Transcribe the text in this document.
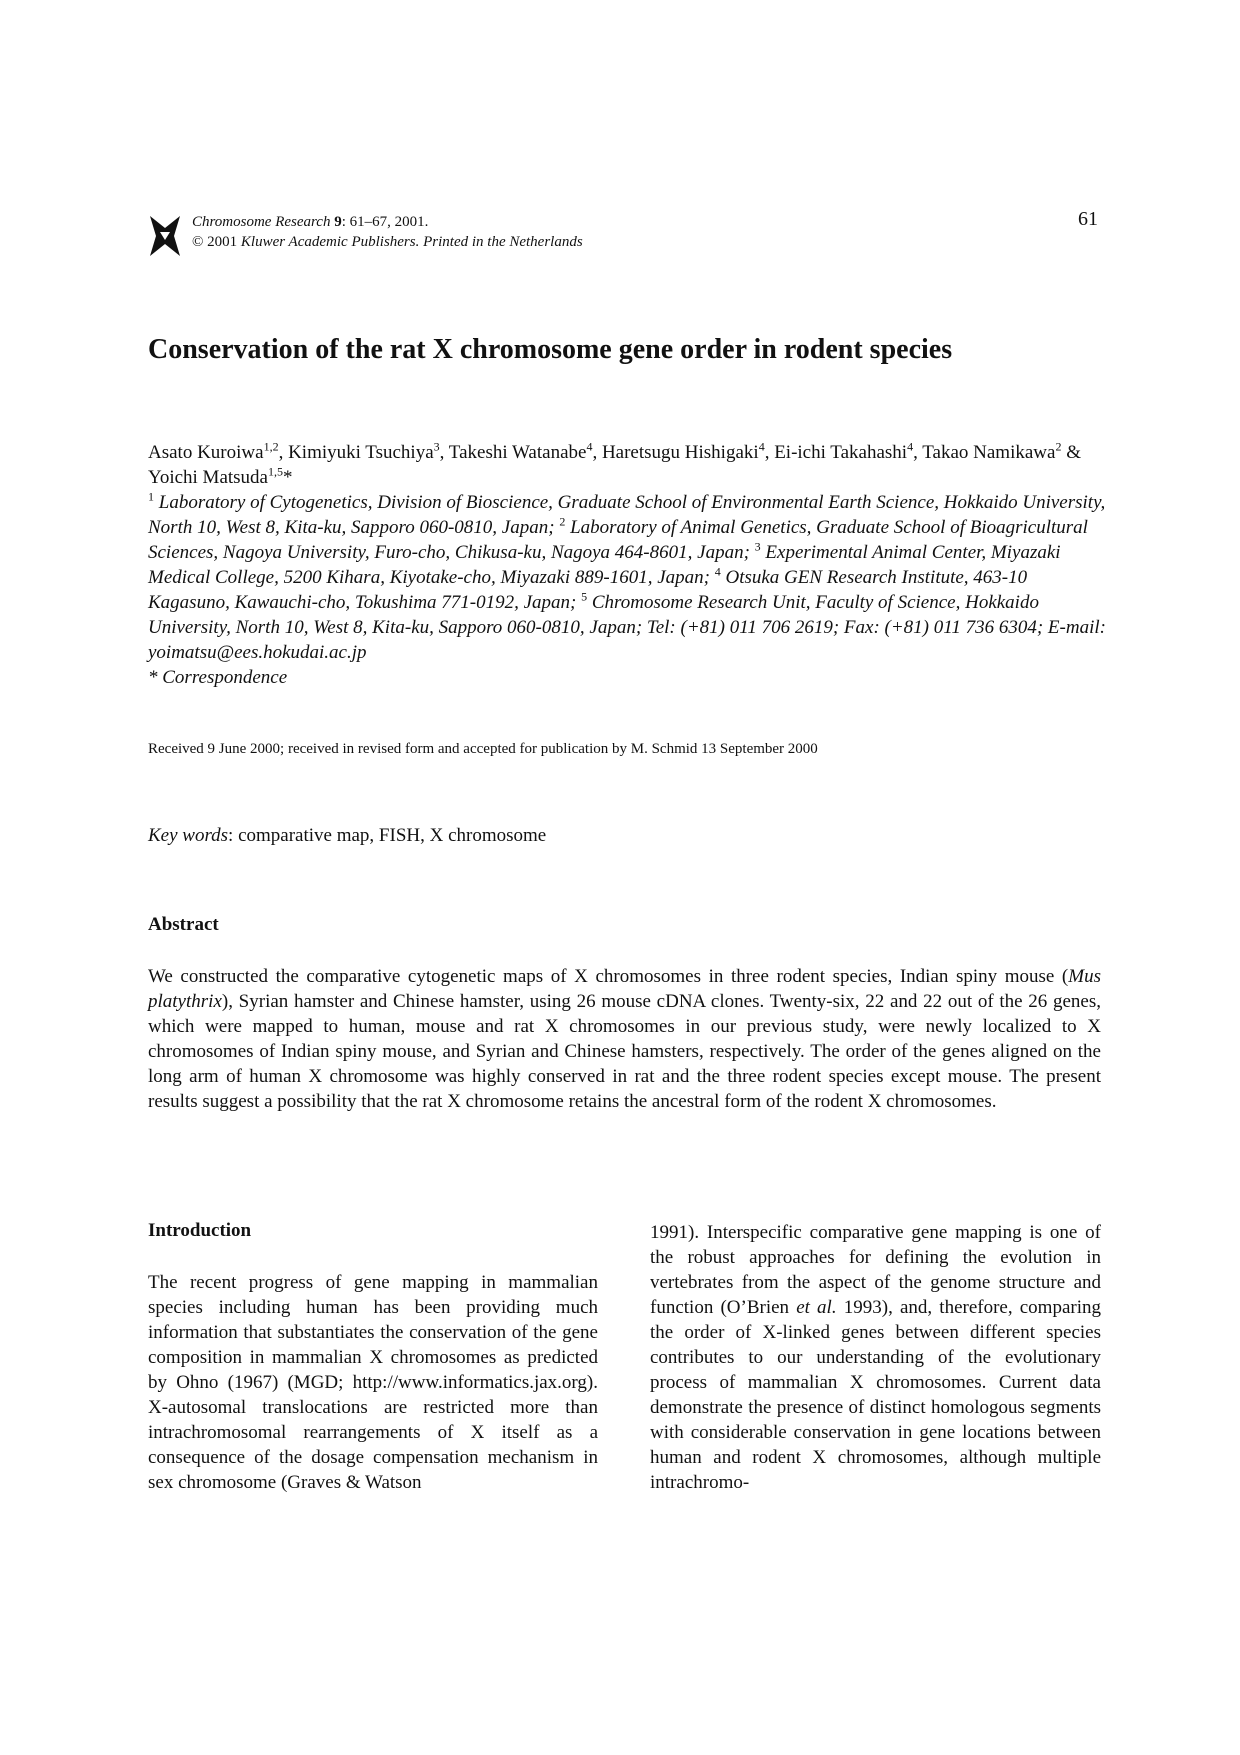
Chromosome Research 9: 61–67, 2001.
© 2001 Kluwer Academic Publishers. Printed in the Netherlands
61
Conservation of the rat X chromosome gene order in rodent species
Asato Kuroiwa$^{1,2}$, Kimiyuki Tsuchiya$^3$, Takeshi Watanabe$^4$, Haretsugu Hishigaki$^4$, Ei-ichi Takahashi$^4$, Takao Namikawa$^2$ & Yoichi Matsuda$^{1,5}$*
$^1$ Laboratory of Cytogenetics, Division of Bioscience, Graduate School of Environmental Earth Science, Hokkaido University, North 10, West 8, Kita-ku, Sapporo 060-0810, Japan; $^2$ Laboratory of Animal Genetics, Graduate School of Bioagricultural Sciences, Nagoya University, Furo-cho, Chikusa-ku, Nagoya 464-8601, Japan; $^3$ Experimental Animal Center, Miyazaki Medical College, 5200 Kihara, Kiyotake-cho, Miyazaki 889-1601, Japan; $^4$ Otsuka GEN Research Institute, 463-10 Kagasuno, Kawauchi-cho, Tokushima 771-0192, Japan; $^5$ Chromosome Research Unit, Faculty of Science, Hokkaido University, North 10, West 8, Kita-ku, Sapporo 060-0810, Japan; Tel: (+81) 011 706 2619; Fax: (+81) 011 736 6304; E-mail: yoimatsu@ees.hokudai.ac.jp
* Correspondence
Received 9 June 2000; received in revised form and accepted for publication by M. Schmid 13 September 2000
Key words: comparative map, FISH, X chromosome
Abstract
We constructed the comparative cytogenetic maps of X chromosomes in three rodent species, Indian spiny mouse (Mus platythrix), Syrian hamster and Chinese hamster, using 26 mouse cDNA clones. Twenty-six, 22 and 22 out of the 26 genes, which were mapped to human, mouse and rat X chromosomes in our previous study, were newly localized to X chromosomes of Indian spiny mouse, and Syrian and Chinese hamsters, respectively. The order of the genes aligned on the long arm of human X chromosome was highly conserved in rat and the three rodent species except mouse. The present results suggest a possibility that the rat X chromosome retains the ancestral form of the rodent X chromosomes.
Introduction
The recent progress of gene mapping in mammalian species including human has been providing much information that substantiates the conservation of the gene composition in mammalian X chromosomes as predicted by Ohno (1967) (MGD; http://www.informatics.jax.org). X-autosomal translocations are restricted more than intrachromosomal rearrangements of X itself as a consequence of the dosage compensation mechanism in sex chromosome (Graves & Watson
1991). Interspecific comparative gene mapping is one of the robust approaches for defining the evolution in vertebrates from the aspect of the genome structure and function (O’Brien et al. 1993), and, therefore, comparing the order of X-linked genes between different species contributes to our understanding of the evolutionary process of mammalian X chromosomes. Current data demonstrate the presence of distinct homologous segments with considerable conservation in gene locations between human and rodent X chromosomes, although multiple intrachromo-
